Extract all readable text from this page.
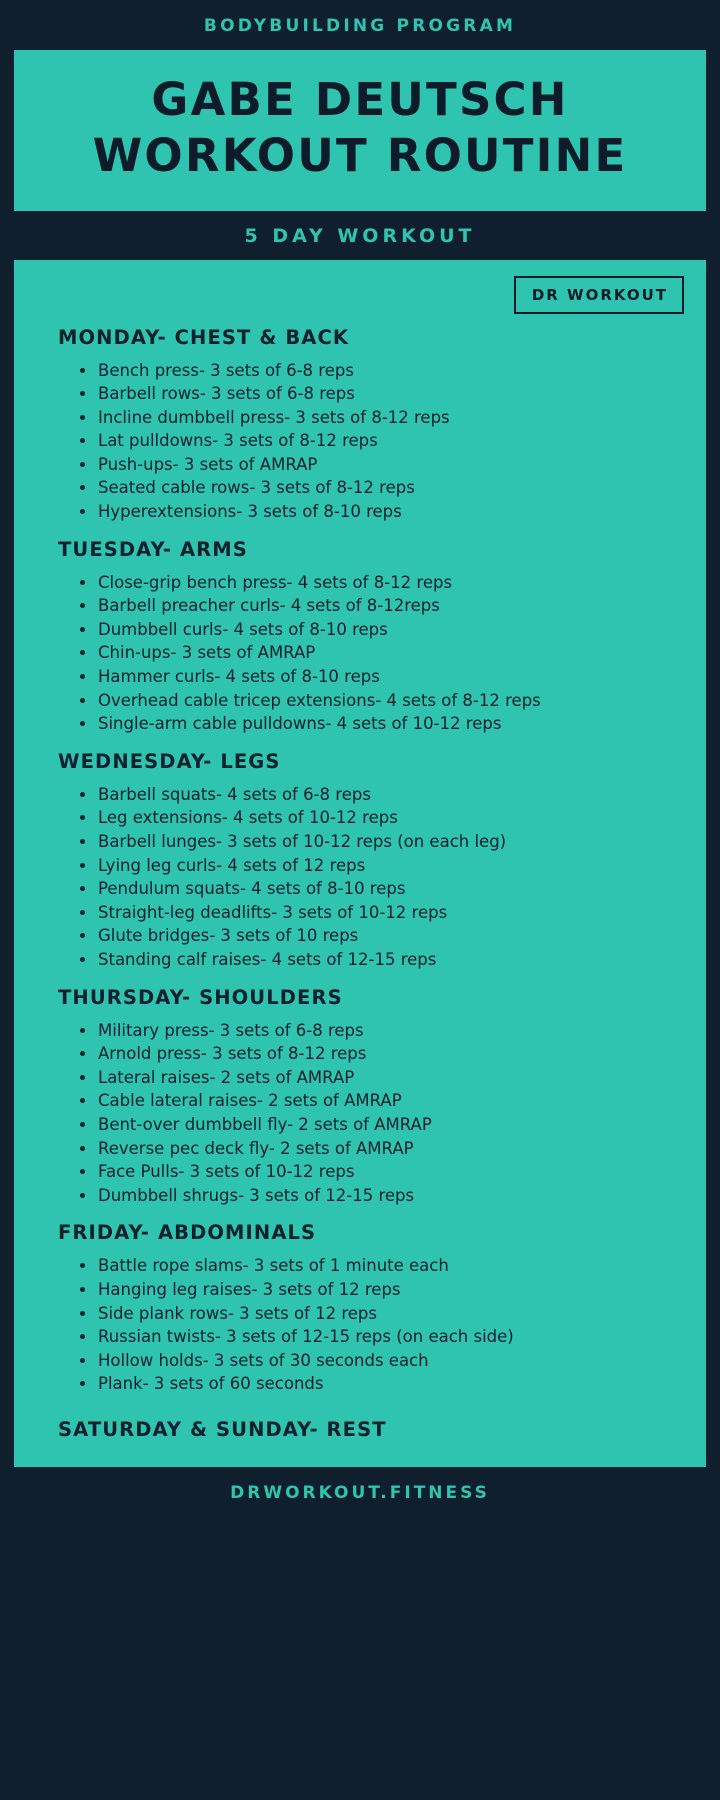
BODYBUILDING PROGRAM
GABE DEUTSCH
WORKOUT ROUTINE
5 DAY WORKOUT
DR WORKOUT
MONDAY- CHEST & BACK
Bench press- 3 sets of 6-8 reps
Barbell rows- 3 sets of 6-8 reps
Incline dumbbell press- 3 sets of 8-12 reps
Lat pulldowns- 3 sets of 8-12 reps
Push-ups- 3 sets of AMRAP
Seated cable rows- 3 sets of 8-12 reps
Hyperextensions- 3 sets of 8-10 reps
TUESDAY- ARMS
Close-grip bench press- 4 sets of 8-12 reps
Barbell preacher curls- 4 sets of 8-12reps
Dumbbell curls- 4 sets of 8-10 reps
Chin-ups- 3 sets of AMRAP
Hammer curls- 4 sets of 8-10 reps
Overhead cable tricep extensions- 4 sets of 8-12 reps
Single-arm cable pulldowns- 4 sets of 10-12 reps
WEDNESDAY- LEGS
Barbell squats- 4 sets of 6-8 reps
Leg extensions- 4 sets of 10-12 reps
Barbell lunges- 3 sets of 10-12 reps (on each leg)
Lying leg curls- 4 sets of 12 reps
Pendulum squats- 4 sets of 8-10 reps
Straight-leg deadlifts- 3 sets of 10-12 reps
Glute bridges- 3 sets of 10 reps
Standing calf raises- 4 sets of 12-15 reps
THURSDAY- SHOULDERS
Military press- 3 sets of 6-8 reps
Arnold press- 3 sets of 8-12 reps
Lateral raises- 2 sets of AMRAP
Cable lateral raises- 2 sets of AMRAP
Bent-over dumbbell fly- 2 sets of AMRAP
Reverse pec deck fly- 2 sets of AMRAP
Face Pulls- 3 sets of 10-12 reps
Dumbbell shrugs- 3 sets of 12-15 reps
FRIDAY- ABDOMINALS
Battle rope slams- 3 sets of 1 minute each
Hanging leg raises- 3 sets of 12 reps
Side plank rows- 3 sets of 12 reps
Russian twists- 3 sets of 12-15 reps (on each side)
Hollow holds- 3 sets of 30 seconds each
Plank- 3 sets of 60 seconds
SATURDAY & SUNDAY- REST
DRWORKOUT.FITNESS
